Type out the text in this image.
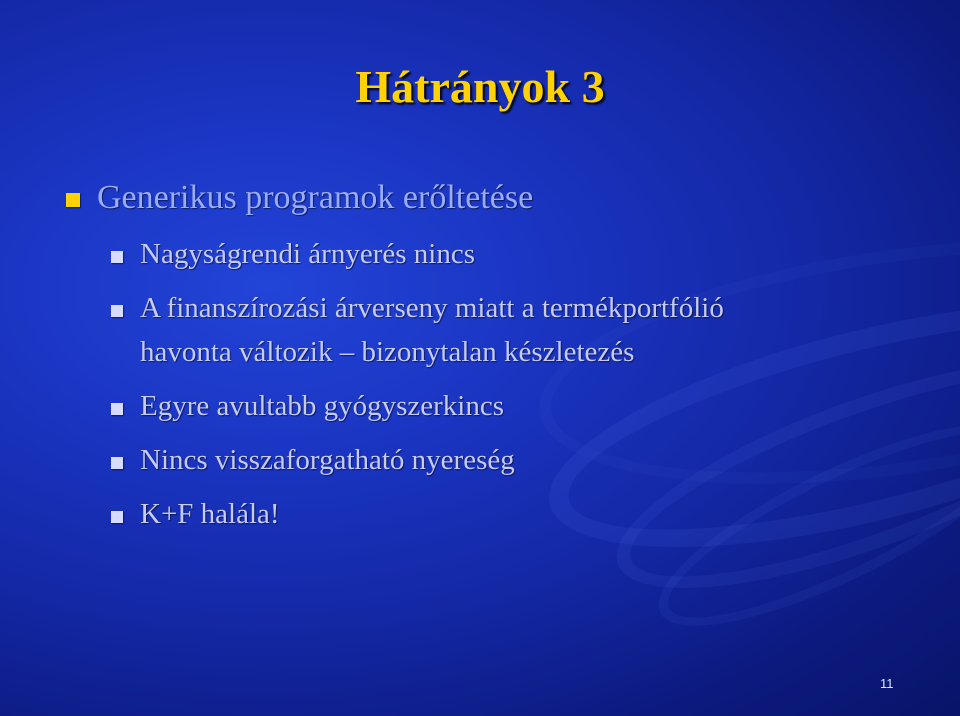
Hátrányok 3
Generikus programok erőltetése
Nagyságrendi árnyerés nincs
A finanszírozási árverseny miatt a termékportfólió
havonta változik – bizonytalan készletezés
Egyre avultabb gyógyszerkincs
Nincs visszaforgatható nyereség
K+F halála!
11
